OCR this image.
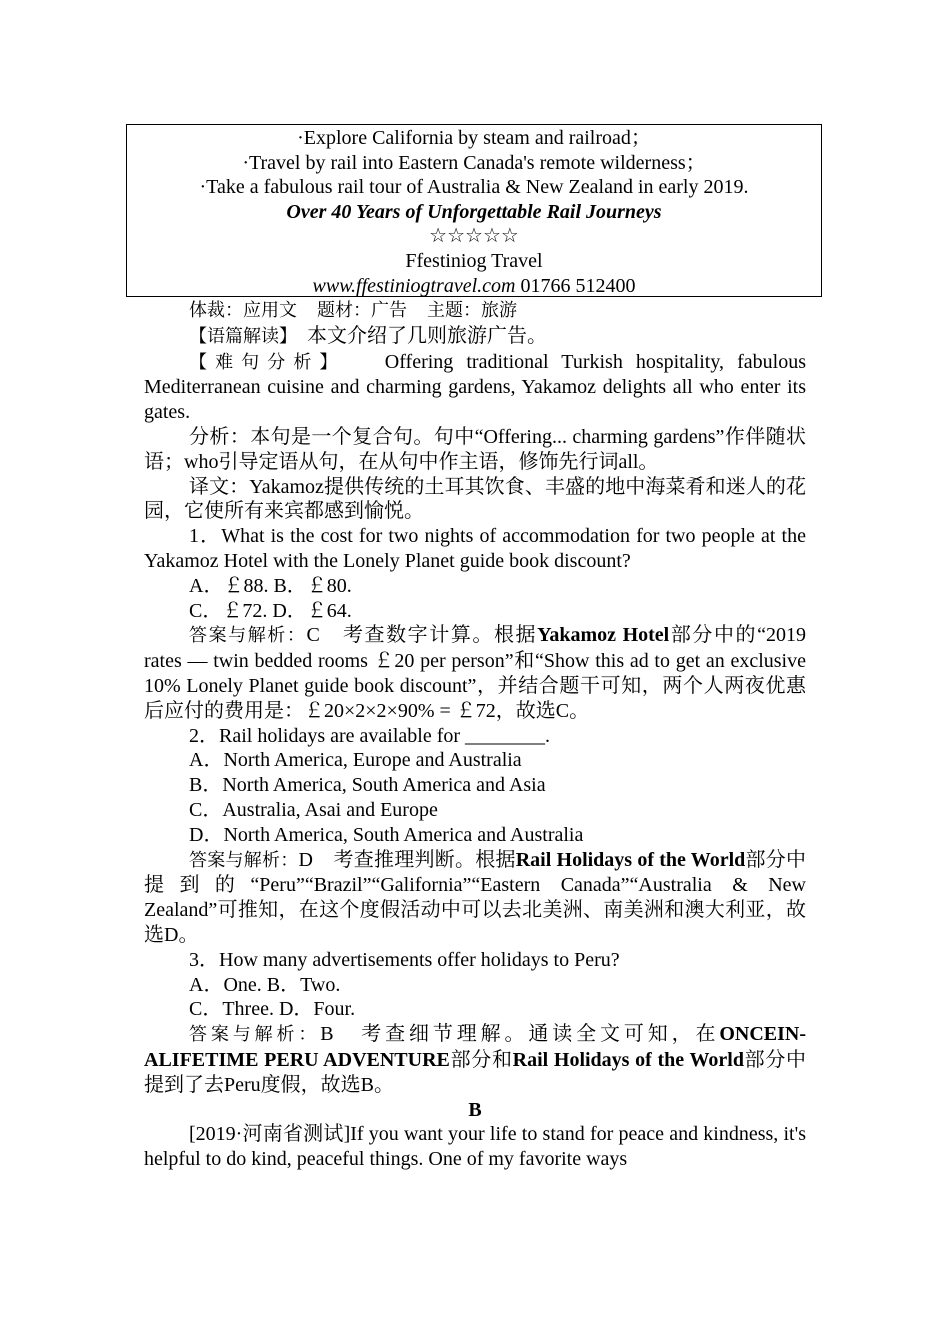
·Explore California by steam and railroad；
·Travel by rail into Eastern Canada's remote wilderness；
·Take a fabulous rail tour of Australia & New Zealand in early 2019.
Over 40 Years of Unforgettable Rail Journeys
☆☆☆☆☆
Ffestiniog Travel
www.ffestiniogtravel.com 01766 512400

体裁：应用文 题材：广告 主题：旅游

【语篇解读】 本文介绍了几则旅游广告。

【难句分析】 Offering traditional Turkish hospitality, fabulous Mediterranean cuisine and charming gardens, Yakamoz delights all who enter its gates.

分析：本句是一个复合句。句中“Offering... charming gardens”作伴随状语；who引导定语从句，在从句中作主语，修饰先行词all。

译文：Yakamoz提供传统的土耳其饮食、丰盛的地中海菜肴和迷人的花园，它使所有来宾都感到愉悦。

1．What is the cost for two nights of accommodation for two people at the Yakamoz Hotel with the Lonely Planet guide book discount?

A．￡88. B．￡80.

C．￡72. D．￡64.

答案与解析：C　考查数字计算。根据Yakamoz Hotel部分中的“2019 rates — twin bedded rooms ￡20 per person”和“Show this ad to get an exclusive 10% Lonely Planet guide book discount”，并结合题干可知，两个人两夜优惠后应付的费用是：￡20×2×2×90% = ￡72，故选C。

2．Rail holidays are available for ________.

A．North America, Europe and Australia

B．North America, South America and Asia

C．Australia, Asai and Europe

D．North America, South America and Australia

答案与解析：D　考查推理判断。根据Rail Holidays of the World部分中提到的“Peru”“Brazil”“Galifornia”“Eastern Canada”“Australia & New Zealand”可推知，在这个度假活动中可以去北美洲、南美洲和澳大利亚，故选D。

3．How many advertisements offer holidays to Peru?

A．One. B．Two.

C．Three. D．Four.

答案与解析：B　考查细节理解。通读全文可知，在ONCEIN-ALIFETIME PERU ADVENTURE部分和Rail Holidays of the World部分中提到了去Peru度假，故选B。

B

[2019·河南省测试]If you want your life to stand for peace and kindness, it's helpful to do kind, peaceful things. One of my favorite ways
